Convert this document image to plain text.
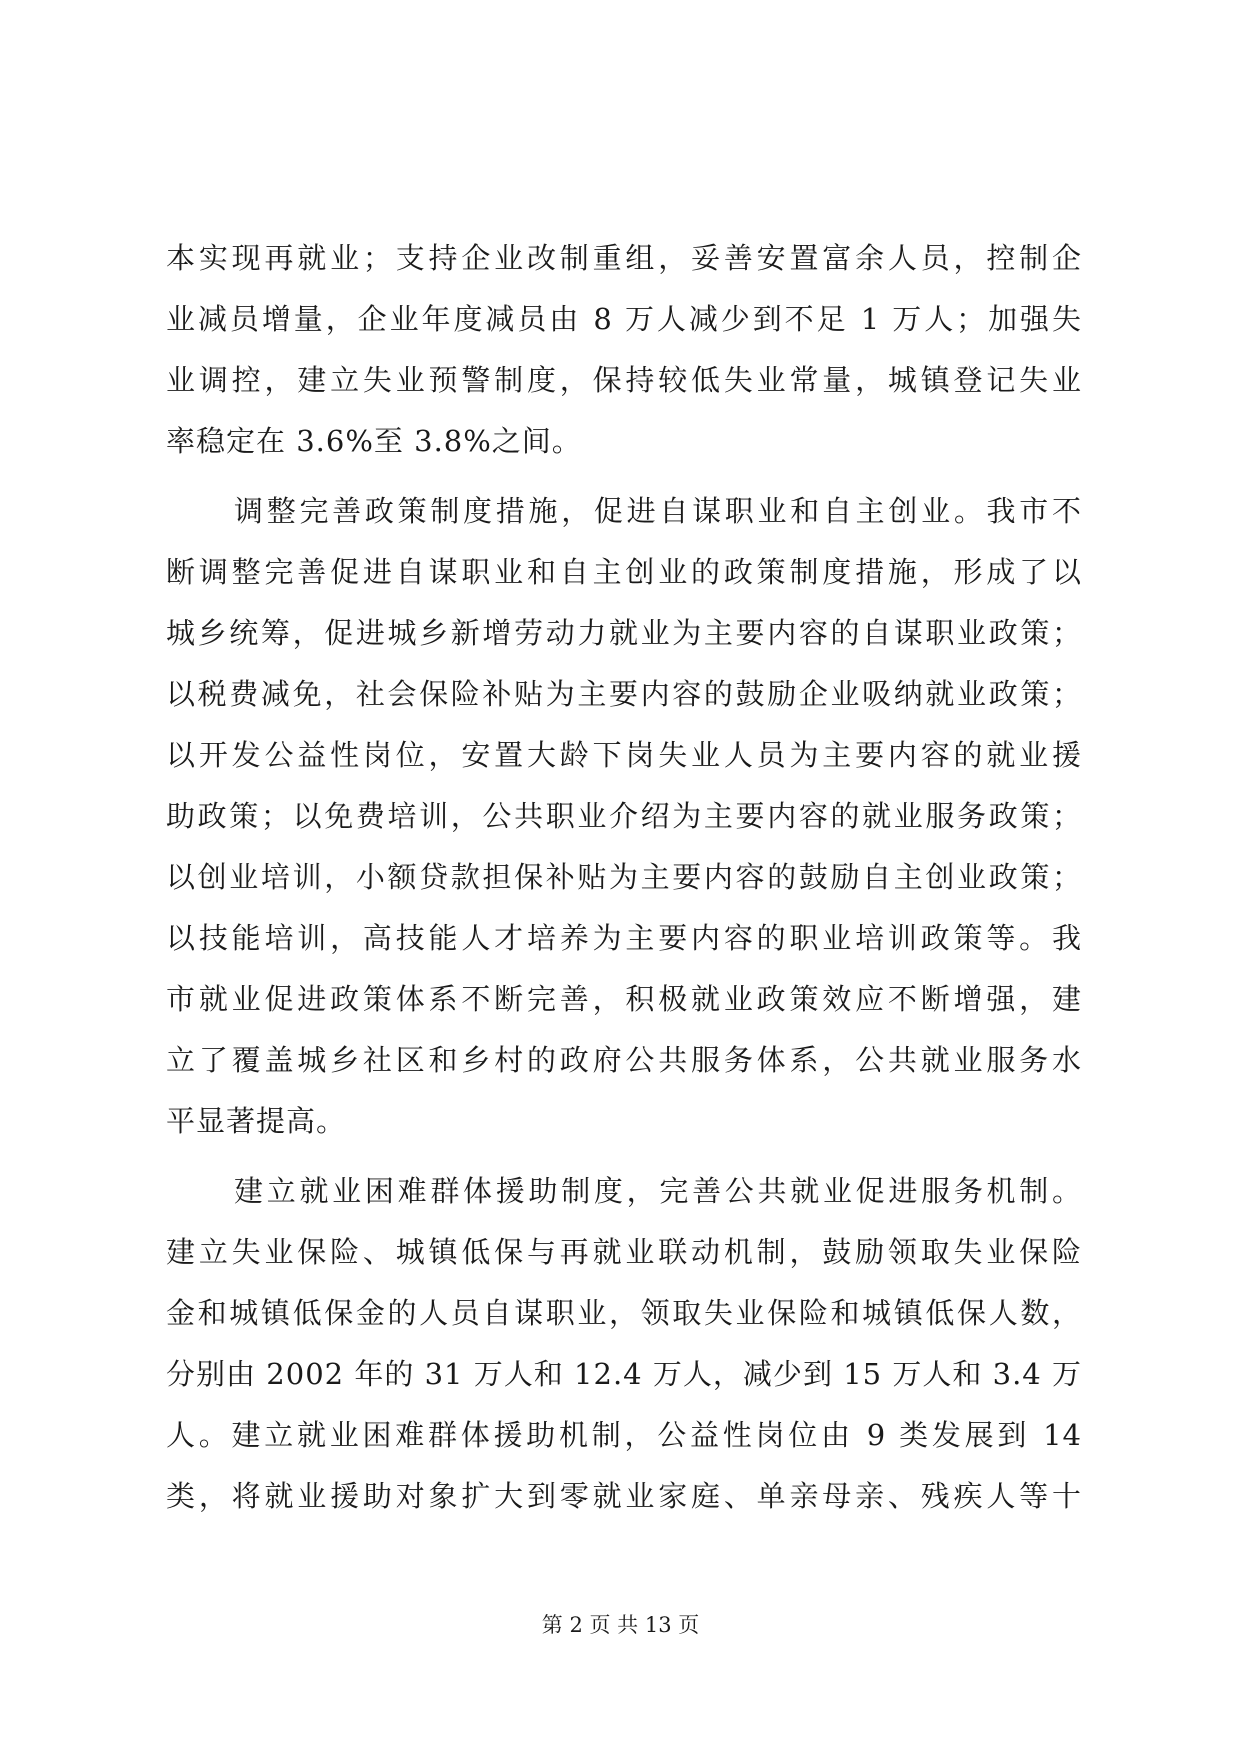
本实现再就业；支持企业改制重组，妥善安置富余人员，控制企
业减员增量，企业年度减员由 8 万人减少到不足 1 万人；加强失
业调控，建立失业预警制度，保持较低失业常量，城镇登记失业
率稳定在 3.6%至 3.8%之间。
调整完善政策制度措施，促进自谋职业和自主创业。我市不
断调整完善促进自谋职业和自主创业的政策制度措施，形成了以
城乡统筹，促进城乡新增劳动力就业为主要内容的自谋职业政策；
以税费减免，社会保险补贴为主要内容的鼓励企业吸纳就业政策；
以开发公益性岗位，安置大龄下岗失业人员为主要内容的就业援
助政策；以免费培训，公共职业介绍为主要内容的就业服务政策；
以创业培训，小额贷款担保补贴为主要内容的鼓励自主创业政策；
以技能培训，高技能人才培养为主要内容的职业培训政策等。我
市就业促进政策体系不断完善，积极就业政策效应不断增强，建
立了覆盖城乡社区和乡村的政府公共服务体系，公共就业服务水
平显著提高。
建立就业困难群体援助制度，完善公共就业促进服务机制。
建立失业保险、城镇低保与再就业联动机制，鼓励领取失业保险
金和城镇低保金的人员自谋职业，领取失业保险和城镇低保人数，
分别由 2002 年的 31 万人和 12.4 万人，减少到 15 万人和 3.4 万
人。建立就业困难群体援助机制，公益性岗位由 9 类发展到 14
类，将就业援助对象扩大到零就业家庭、单亲母亲、残疾人等十
第 2 页 共 13 页
